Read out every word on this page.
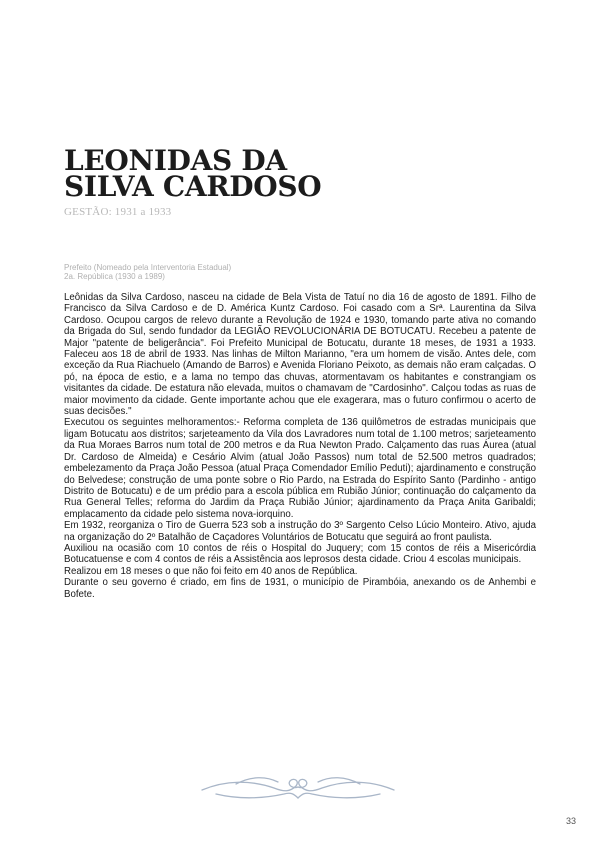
LEONIDAS DA
SILVA CARDOSO
GESTÃO: 1931 a 1933
Prefeito (Nomeado pela Interventoria Estadual)
2a. República (1930 a 1989)

Leônidas da Silva Cardoso, nasceu na cidade de Bela Vista de Tatuí no dia 16 de agosto de 1891. Filho de Francisco da Silva Cardoso e de D. América Kuntz Cardoso. Foi casado com a Srª. Laurentina da Silva Cardoso. Ocupou cargos de relevo durante a Revolução de 1924 e 1930, tomando parte ativa no comando da Brigada do Sul, sendo fundador da LEGIÃO REVOLUCIONÁRIA DE BOTUCATU. Recebeu a patente de Major "patente de beligerância". Foi Prefeito Municipal de Botucatu, durante 18 meses, de 1931 a 1933. Faleceu aos 18 de abril de 1933. Nas linhas de Milton Marianno, "era um homem de visão. Antes dele, com exceção da Rua Riachuelo (Amando de Barros) e Avenida Floriano Peixoto, as demais não eram calçadas. O pó, na época de estio, e a lama no tempo das chuvas, atormentavam os habitantes e constrangiam os visitantes da cidade. De estatura não elevada, muitos o chamavam de "Cardosinho". Calçou todas as ruas de maior movimento da cidade. Gente importante achou que ele exagerara, mas o futuro confirmou o acerto de suas decisões."

Executou os seguintes melhoramentos:- Reforma completa de 136 quilômetros de estradas municipais que ligam Botucatu aos distritos; sarjeteamento da Vila dos Lavradores num total de 1.100 metros; sarjeteamento da Rua Moraes Barros num total de 200 metros e da Rua Newton Prado. Calçamento das ruas Áurea (atual Dr. Cardoso de Almeida) e Cesário Alvim (atual João Passos) num total de 52.500 metros quadrados; embelezamento da Praça João Pessoa (atual Praça Comendador Emílio Peduti); ajardinamento e construção do Belvedese; construção de uma ponte sobre o Rio Pardo, na Estrada do Espírito Santo (Pardinho - antigo Distrito de Botucatu) e de um prédio para a escola pública em Rubião Júnior; continuação do calçamento da Rua General Telles; reforma do Jardim da Praça Rubião Júnior; ajardinamento da Praça Anita Garibaldi; emplacamento da cidade pelo sistema nova-iorquino.

Em 1932, reorganiza o Tiro de Guerra 523 sob a instrução do 3º Sargento Celso Lúcio Monteiro. Ativo, ajuda na organização do 2º Batalhão de Caçadores Voluntários de Botucatu que seguirá ao front paulista.

Auxiliou na ocasião com 10 contos de réis o Hospital do Juquery; com 15 contos de réis a Misericórdia Botucatuense e com 4 contos de réis a Assistência aos leprosos desta cidade. Criou 4 escolas municipais.

Realizou em 18 meses o que não foi feito em 40 anos de República.

Durante o seu governo é criado, em fins de 1931, o município de Pirambóia, anexando os de Anhembi e Bofete.

33
